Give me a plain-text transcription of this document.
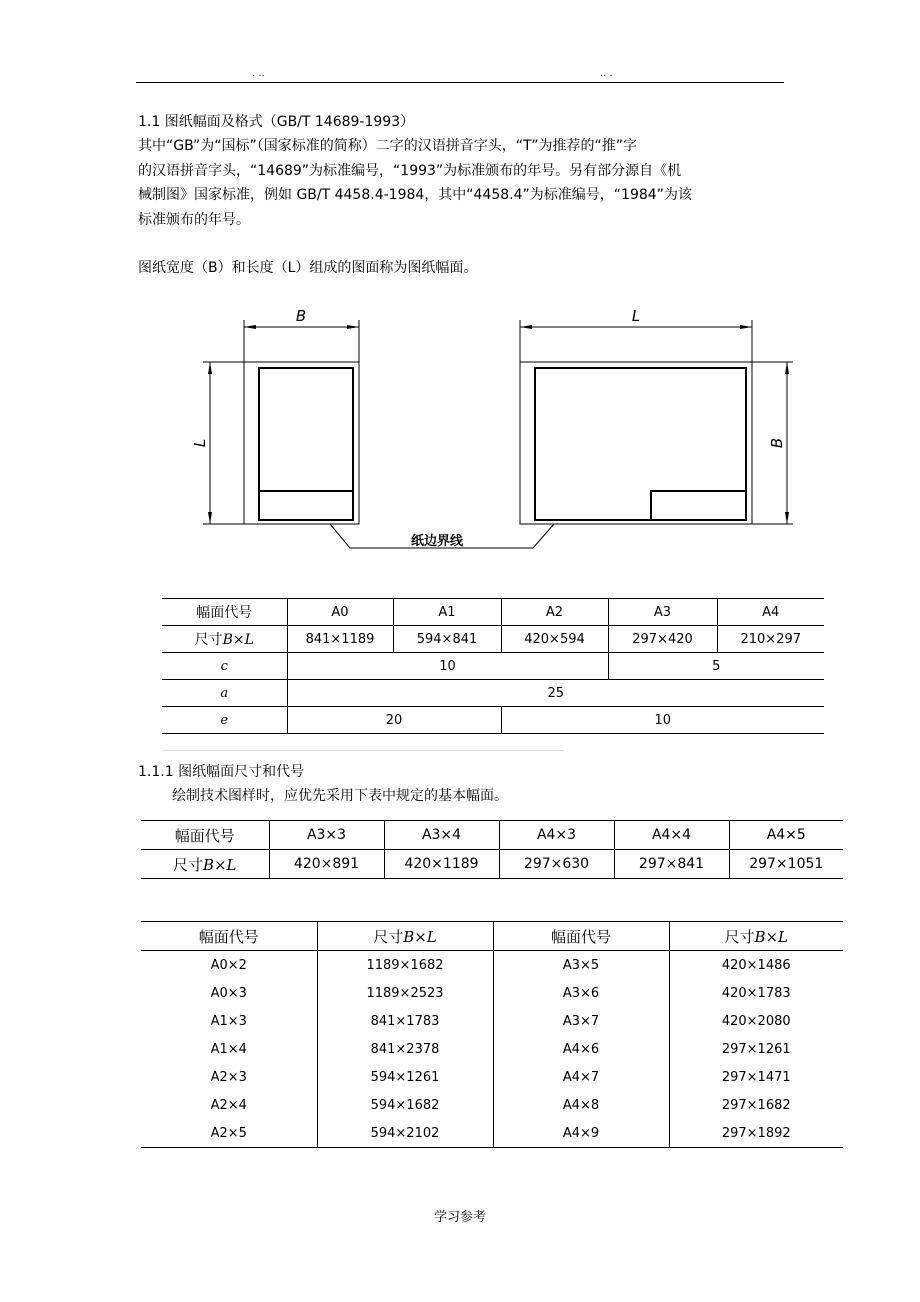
. ..	.. .
1.1 图纸幅面及格式（GB/T 14689-1993）
其中“GB”为“国标”（国家标准的简称）二字的汉语拼音字头，“T”为推荐的“推”字
的汉语拼音字头，“14689”为标准编号，“1993”为标准颁布的年号。另有部分源自《机
械制图》国家标准，例如 GB/T 4458.4-1984，其中“4458.4”为标准编号，“1984”为该
标准颁布的年号。
图纸宽度（B）和长度（L）组成的图面称为图纸幅面。
B	L
L	B
纸边界线
幅面代号	A0	A1	A2	A3	A4
尺寸B×L	841×1189	594×841	420×594	297×420	210×297
c	10			5	
a	25				
e	20		10		
1.1.1 图纸幅面尺寸和代号
绘制技术图样时，应优先采用下表中规定的基本幅面。
幅面代号	A3×3	A3×4	A4×3	A4×4	A4×5
尺寸B×L	420×891	420×1189	297×630	297×841	297×1051
幅面代号	尺寸B×L	幅面代号	尺寸B×L
A0×2	1189×1682	A3×5	420×1486
A0×3	1189×2523	A3×6	420×1783
A1×3	841×1783	A3×7	420×2080
A1×4	841×2378	A4×6	297×1261
A2×3	594×1261	A4×7	297×1471
A2×4	594×1682	A4×8	297×1682
A2×5	594×2102	A4×9	297×1892
学习参考
